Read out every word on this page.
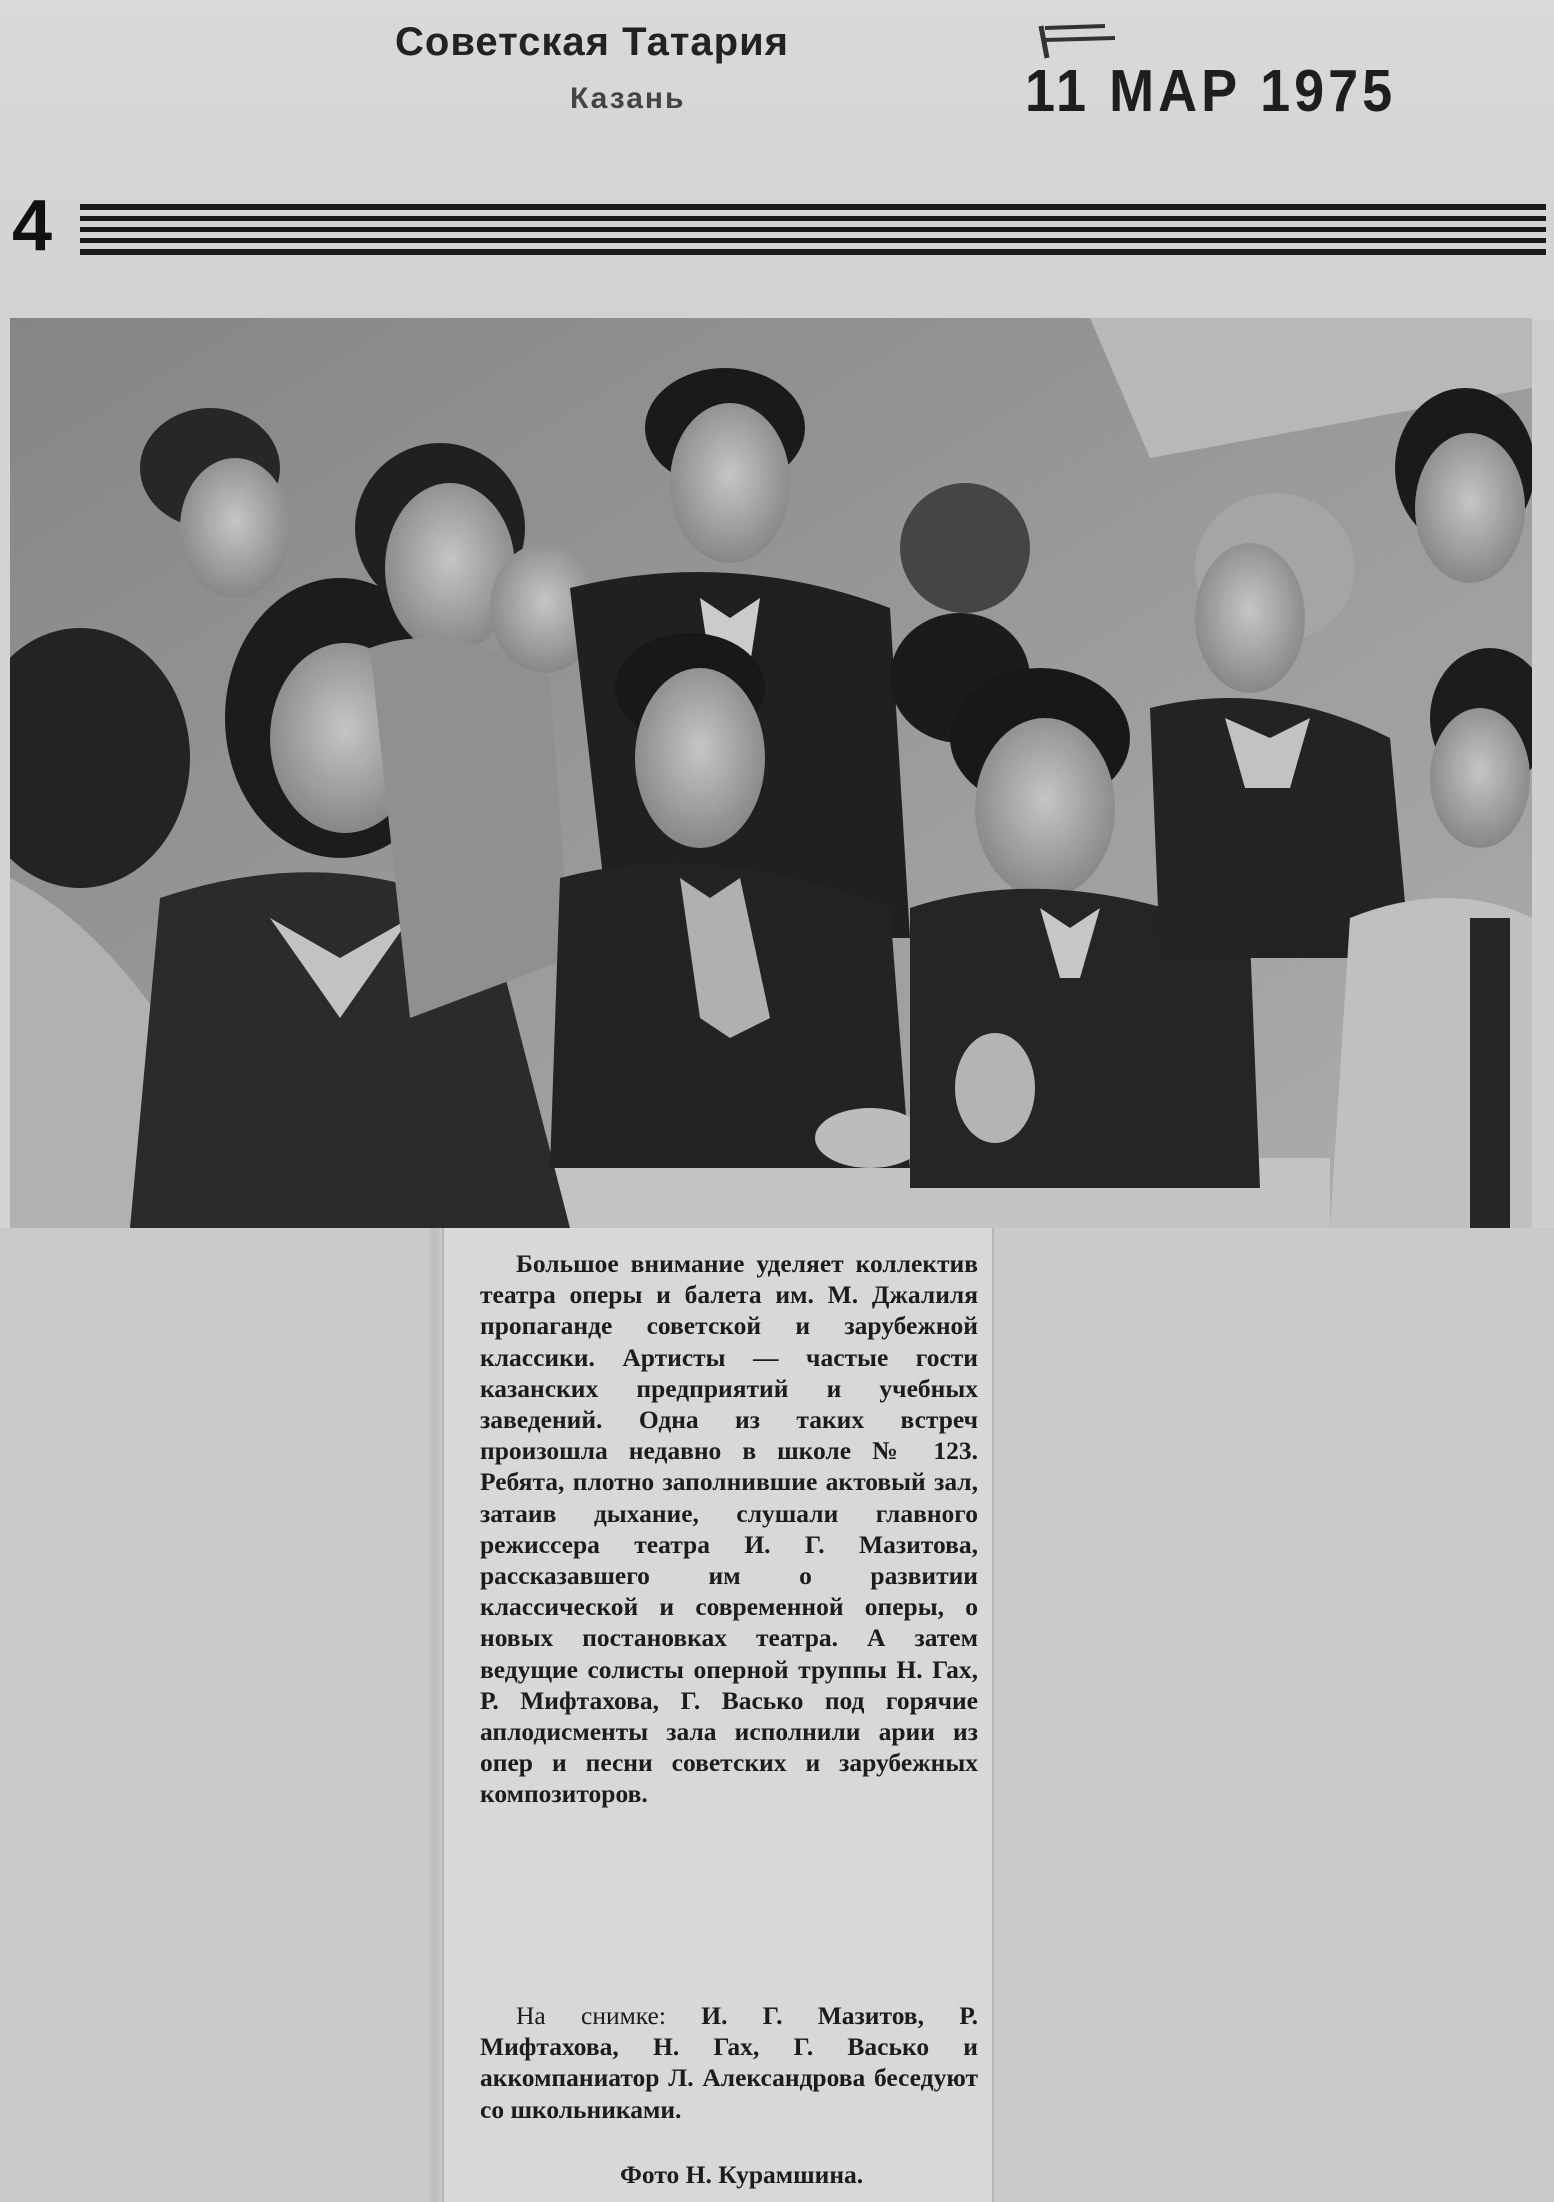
Советская Татария
Казань	11 МАР 1975
4

Большое внимание уделяет коллектив театра оперы и балета им. М. Джалиля пропаганде советской и зарубежной классики. Артисты — частые гости казанских предприятий и учебных заведений. Одна из таких встреч произошла недавно в школе № 123. Ребята, плотно заполнившие актовый зал, затаив дыхание, слушали главного режиссера театра И. Г. Мазитова, рассказавшего им о развитии классической и современной оперы, о новых постановках театра. А затем ведущие солисты оперной труппы Н. Гах, Р. Мифтахова, Г. Васько под горячие аплодисменты зала исполнили арии из опер и песни советских и зарубежных композиторов.

На снимке: И. Г. Мазитов, Р. Мифтахова, Н. Гах, Г. Васько и аккомпаниатор Л. Александрова беседуют со школьниками.

Фото Н. Курамшина.
